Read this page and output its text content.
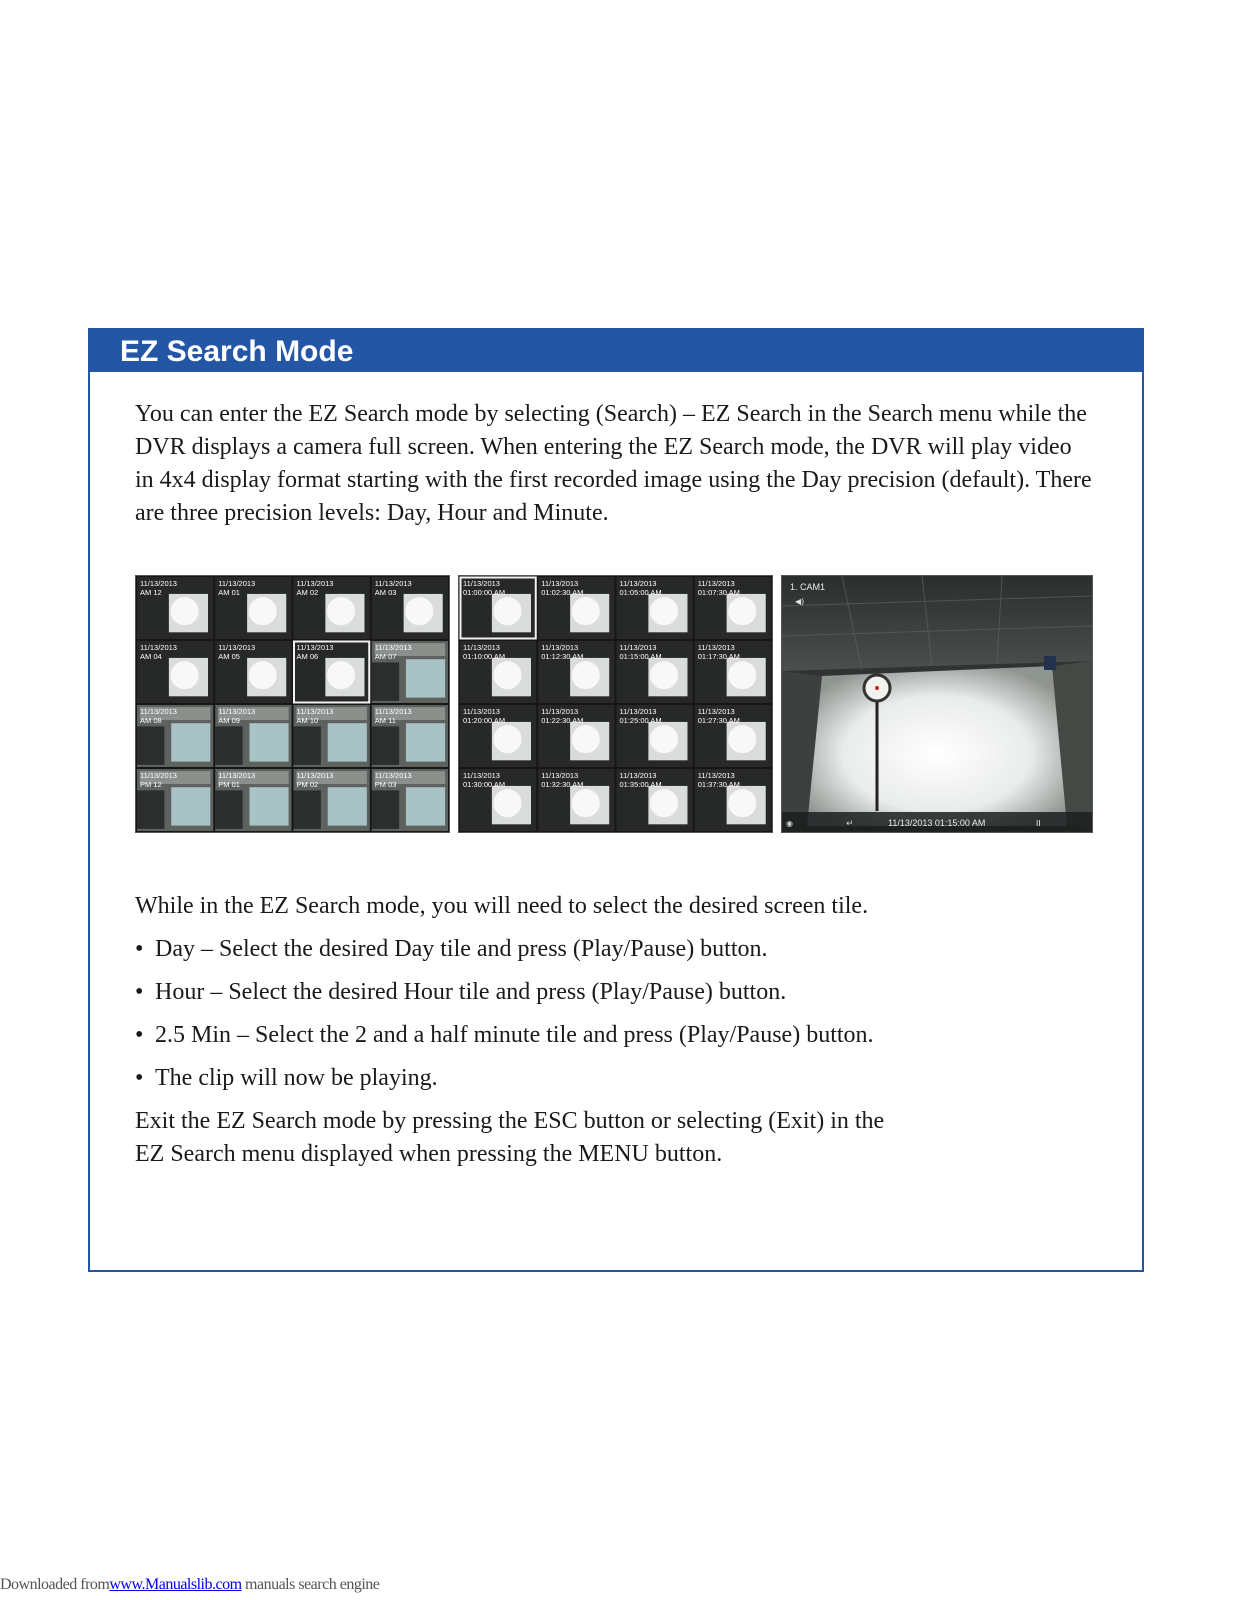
EZ Search Mode

You can enter the EZ Search mode by selecting (Search) – EZ Search in the Search menu while the DVR displays a camera full screen. When entering the EZ Search mode, the DVR will play video in 4x4 display format starting with the first recorded image using the Day precision (default). There are three precision levels: Day, Hour and Minute.

11/13/2013
AM 12
11/13/2013
AM 01
11/13/2013
AM 02
11/13/2013
AM 03
11/13/2013
AM 04
11/13/2013
AM 05
11/13/2013
AM 06
11/13/2013
AM 07
11/13/2013
AM 08
11/13/2013
AM 09
11/13/2013
AM 10
11/13/2013
AM 11
11/13/2013
PM 12
11/13/2013
PM 01
11/13/2013
PM 02
11/13/2013
PM 03
11/13/2013
01:00:00 AM
11/13/2013
01:02:30 AM
11/13/2013
01:05:00 AM
11/13/2013
01:07:30 AM
11/13/2013
01:10:00 AM
11/13/2013
01:12:30 AM
11/13/2013
01:15:00 AM
11/13/2013
01:17:30 AM
11/13/2013
01:20:00 AM
11/13/2013
01:22:30 AM
11/13/2013
01:25:00 AM
11/13/2013
01:27:30 AM
11/13/2013
01:30:00 AM
11/13/2013
01:32:30 AM
11/13/2013
01:35:00 AM
11/13/2013
01:37:30 AM
1. CAM1
◀)
◉	↵	11/13/2013 01:15:00 AM	II

While in the EZ Search mode, you will need to select the desired screen tile.

• Day – Select the desired Day tile and press (Play/Pause) button.
• Hour – Select the desired Hour tile and press (Play/Pause) button.
• 2.5 Min – Select the 2 and a half minute tile and press (Play/Pause) button.
• The clip will now be playing.

Exit the EZ Search mode by pressing the ESC button or selecting (Exit) in the
EZ Search menu displayed when pressing the MENU button.

Downloaded fromwww.Manualslib.com manuals search engine
